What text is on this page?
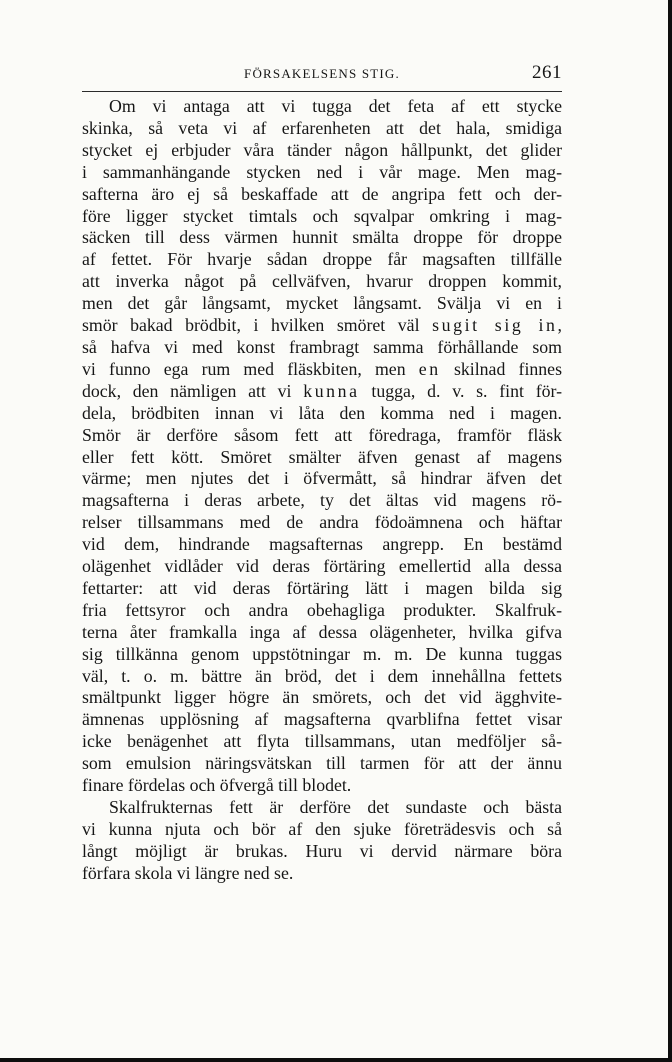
FÖRSAKELSENS STIG.	261
Om vi antaga att vi tugga det feta af ett stycke
skinka, så veta vi af erfarenheten att det hala, smidiga
stycket ej erbjuder våra tänder någon hållpunkt, det glider
i sammanhängande stycken ned i vår mage. Men mag-
safterna äro ej så beskaffade att de angripa fett och der-
före ligger stycket timtals och sqvalpar omkring i mag-
säcken till dess värmen hunnit smälta droppe för droppe
af fettet. För hvarje sådan droppe får magsaften tillfälle
att inverka något på cellväfven, hvarur droppen kommit,
men det går långsamt, mycket långsamt. Svälja vi en i
smör bakad brödbit, i hvilken smöret väl sugit sig in,
så hafva vi med konst frambragt samma förhållande som
vi funno ega rum med fläskbiten, men en skilnad finnes
dock, den nämligen att vi kunna tugga, d. v. s. fint för-
dela, brödbiten innan vi låta den komma ned i magen.
Smör är derföre såsom fett att föredraga, framför fläsk
eller fett kött. Smöret smälter äfven genast af magens
värme; men njutes det i öfvermått, så hindrar äfven det
magsafterna i deras arbete, ty det ältas vid magens rö-
relser tillsammans med de andra födoämnena och häftar
vid dem, hindrande magsafternas angrepp. En bestämd
olägenhet vidlåder vid deras förtäring emellertid alla dessa
fettarter: att vid deras förtäring lätt i magen bilda sig
fria fettsyror och andra obehagliga produkter. Skalfruk-
terna åter framkalla inga af dessa olägenheter, hvilka gifva
sig tillkänna genom uppstötningar m. m. De kunna tuggas
väl, t. o. m. bättre än bröd, det i dem innehållna fettets
smältpunkt ligger högre än smörets, och det vid ägghvite-
ämnenas upplösning af magsafterna qvarblifna fettet visar
icke benägenhet att flyta tillsammans, utan medföljer så-
som emulsion näringsvätskan till tarmen för att der ännu
finare fördelas och öfvergå till blodet.
Skalfrukternas fett är derföre det sundaste och bästa
vi kunna njuta och bör af den sjuke företrädesvis och så
långt möjligt är brukas. Huru vi dervid närmare böra
förfara skola vi längre ned se.
